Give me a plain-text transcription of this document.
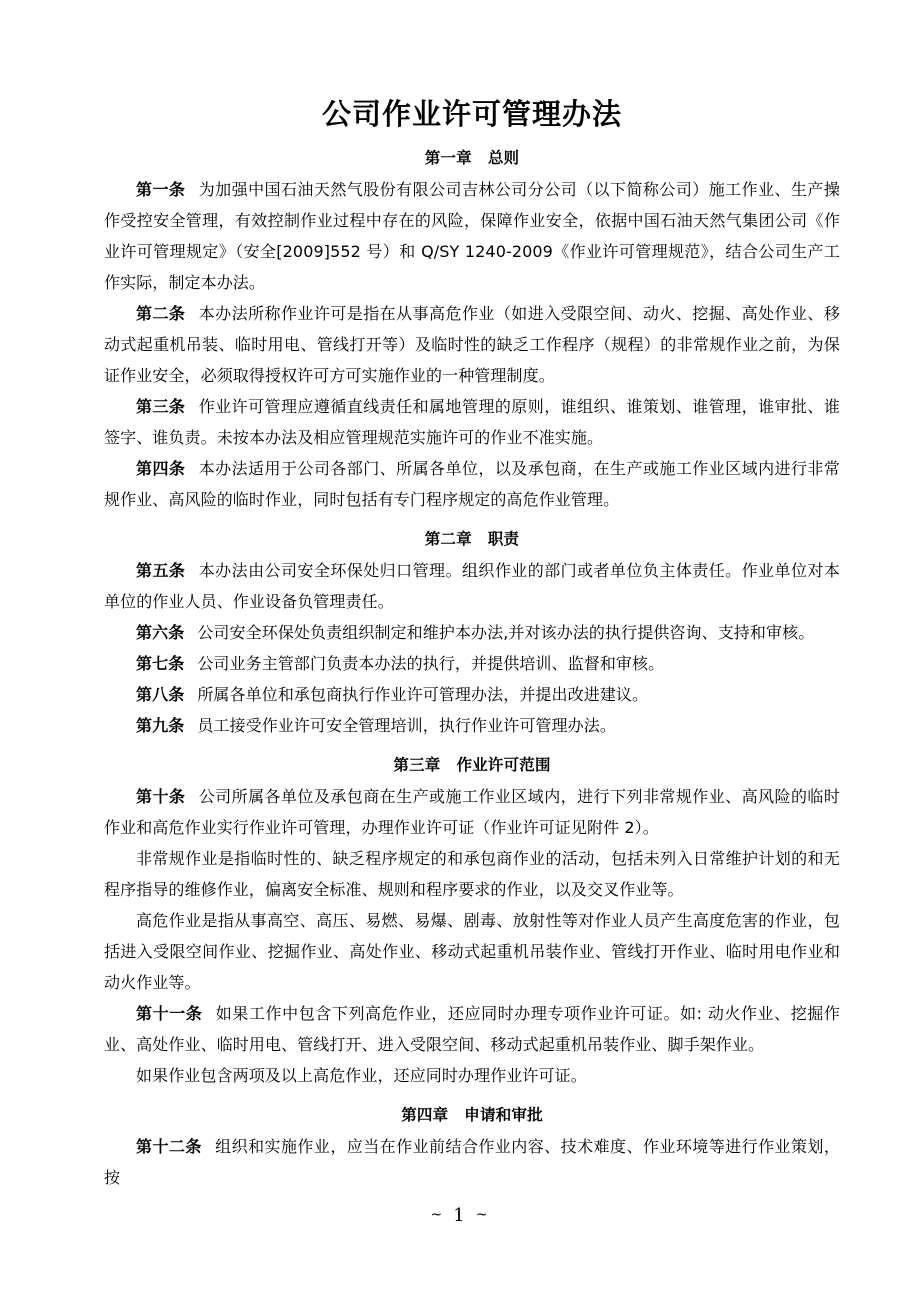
公司作业许可管理办法
第一章 总则

第一条 为加强中国石油天然气股份有限公司吉林公司分公司（以下简称公司）施工作业、生产操作受控安全管理，有效控制作业过程中存在的风险，保障作业安全，依据中国石油天然气集团公司《作业许可管理规定》（安全[2009]552 号）和 Q/SY 1240-2009《作业许可管理规范》，结合公司生产工作实际，制定本办法。

第二条 本办法所称作业许可是指在从事高危作业（如进入受限空间、动火、挖掘、高处作业、移动式起重机吊装、临时用电、管线打开等）及临时性的缺乏工作程序（规程）的非常规作业之前，为保证作业安全，必须取得授权许可方可实施作业的一种管理制度。

第三条 作业许可管理应遵循直线责任和属地管理的原则，谁组织、谁策划、谁管理，谁审批、谁签字、谁负责。未按本办法及相应管理规范实施许可的作业不准实施。

第四条 本办法适用于公司各部门、所属各单位，以及承包商，在生产或施工作业区域内进行非常规作业、高风险的临时作业，同时包括有专门程序规定的高危作业管理。

第二章 职责

第五条 本办法由公司安全环保处归口管理。组织作业的部门或者单位负主体责任。作业单位对本单位的作业人员、作业设备负管理责任。

第六条 公司安全环保处负责组织制定和维护本办法,并对该办法的执行提供咨询、支持和审核。

第七条 公司业务主管部门负责本办法的执行，并提供培训、监督和审核。

第八条 所属各单位和承包商执行作业许可管理办法，并提出改进建议。

第九条 员工接受作业许可安全管理培训，执行作业许可管理办法。

第三章 作业许可范围

第十条 公司所属各单位及承包商在生产或施工作业区域内，进行下列非常规作业、高风险的临时作业和高危作业实行作业许可管理，办理作业许可证（作业许可证见附件 2）。

非常规作业是指临时性的、缺乏程序规定的和承包商作业的活动，包括未列入日常维护计划的和无程序指导的维修作业，偏离安全标准、规则和程序要求的作业，以及交叉作业等。

高危作业是指从事高空、高压、易燃、易爆、剧毒、放射性等对作业人员产生高度危害的作业，包括进入受限空间作业、挖掘作业、高处作业、移动式起重机吊装作业、管线打开作业、临时用电作业和动火作业等。

第十一条 如果工作中包含下列高危作业，还应同时办理专项作业许可证。如: 动火作业、挖掘作业、高处作业、临时用电、管线打开、进入受限空间、移动式起重机吊装作业、脚手架作业。

如果作业包含两项及以上高危作业，还应同时办理作业许可证。

第四章 申请和审批

第十二条 组织和实施作业，应当在作业前结合作业内容、技术难度、作业环境等进行作业策划，按

~ 1 ~
